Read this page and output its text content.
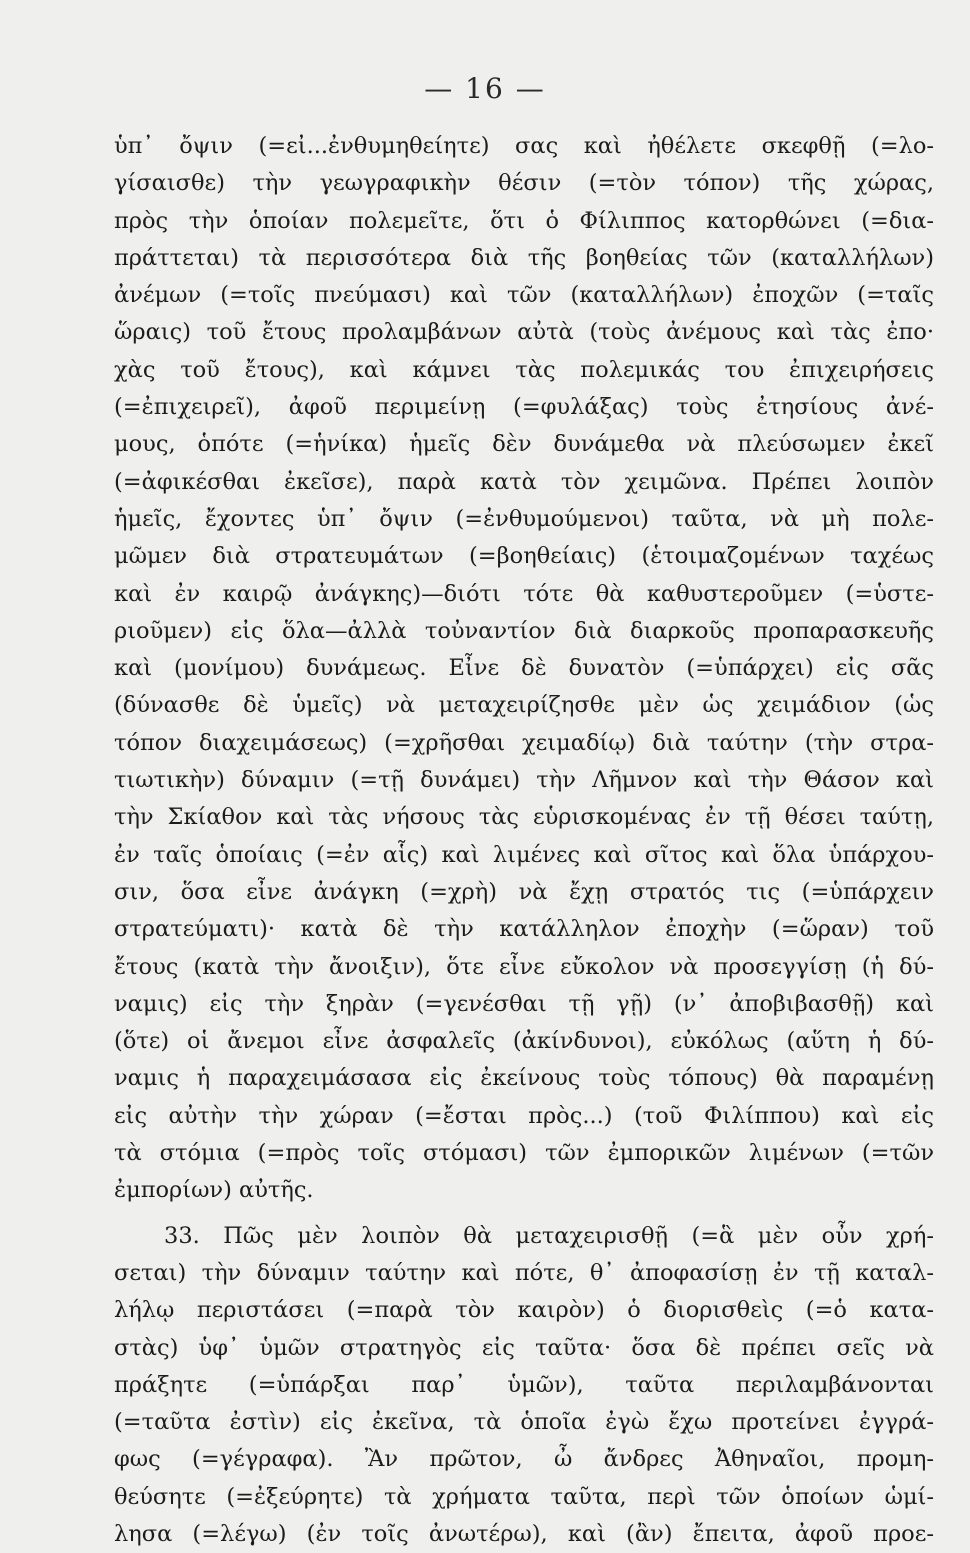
— 16 —
ὑπ᾽ ὄψιν (=εἰ...ἐνθυμηθείητε) σας καὶ ἠθέλετε σκεφθῇ (=λο-
γίσαισθε) τὴν γεωγραφικὴν θέσιν (=τὸν τόπον) τῆς χώρας,
πρὸς τὴν ὁποίαν πολεμεῖτε, ὅτι ὁ Φίλιππος κατορθώνει (=δια-
πράττεται) τὰ περισσότερα διὰ τῆς βοηθείας τῶν (καταλλήλων)
ἀνέμων (=τοῖς πνεύμασι) καὶ τῶν (καταλλήλων) ἐποχῶν (=ταῖς
ὥραις) τοῦ ἔτους προλαμβάνων αὐτὰ (τοὺς ἀνέμους καὶ τὰς ἐπο·
χὰς τοῦ ἔτους), καὶ κάμνει τὰς πολεμικάς του ἐπιχειρήσεις
(=ἐπιχειρεῖ), ἀφοῦ περιμείνῃ (=φυλάξας) τοὺς ἐτησίους ἀνέ-
μους, ὁπότε (=ἡνίκα) ἡμεῖς δὲν δυνάμεθα νὰ πλεύσωμεν ἐκεῖ
(=ἀφικέσθαι ἐκεῖσε), παρὰ κατὰ τὸν χειμῶνα. Πρέπει λοιπὸν
ἡμεῖς, ἔχοντες ὑπ᾽ ὄψιν (=ἐνθυμούμενοι) ταῦτα, νὰ μὴ πολε-
μῶμεν διὰ στρατευμάτων (=βοηθείαις) (ἑτοιμαζομένων ταχέως
καὶ ἐν καιρῷ ἀνάγκης)—διότι τότε θὰ καθυστεροῦμεν (=ὑστε-
ριοῦμεν) εἰς ὅλα—ἀλλὰ τοὐναντίον διὰ διαρκοῦς προπαρασκευῆς
καὶ (μονίμου) δυνάμεως. Εἶνε δὲ δυνατὸν (=ὑπάρχει) εἰς σᾶς
(δύνασθε δὲ ὑμεῖς) νὰ μεταχειρίζησθε μὲν ὡς χειμάδιον (ὡς
τόπον διαχειμάσεως) (=χρῆσθαι χειμαδίῳ) διὰ ταύτην (τὴν στρα-
τιωτικὴν) δύναμιν (=τῇ δυνάμει) τὴν Λῆμνον καὶ τὴν Θάσον καὶ
τὴν Σκίαθον καὶ τὰς νήσους τὰς εὑρισκομένας ἐν τῇ θέσει ταύτῃ,
ἐν ταῖς ὁποίαις (=ἐν αἷς) καὶ λιμένες καὶ σῖτος καὶ ὅλα ὑπάρχου-
σιν, ὅσα εἶνε ἀνάγκη (=χρὴ) νὰ ἔχῃ στρατός τις (=ὑπάρχειν
στρατεύματι)· κατὰ δὲ τὴν κατάλληλον ἐποχὴν (=ὥραν) τοῦ
ἔτους (κατὰ τὴν ἄνοιξιν), ὅτε εἶνε εὔκολον νὰ προσεγγίσῃ (ἡ δύ-
ναμις) εἰς τὴν ξηρὰν (=γενέσθαι τῇ γῇ) (ν᾽ ἀποβιβασθῇ) καὶ
(ὅτε) οἱ ἄνεμοι εἶνε ἀσφαλεῖς (ἀκίνδυνοι), εὐκόλως (αὕτη ἡ δύ-
ναμις ἡ παραχειμάσασα εἰς ἐκείνους τοὺς τόπους) θὰ παραμένῃ
εἰς αὐτὴν τὴν χώραν (=ἔσται πρὸς...) (τοῦ Φιλίππου) καὶ εἰς
τὰ στόμια (=πρὸς τοῖς στόμασι) τῶν ἐμπορικῶν λιμένων (=τῶν
ἐμπορίων) αὐτῆς.
33. Πῶς μὲν λοιπὸν θὰ μεταχειρισθῇ (=ἃ μὲν οὖν χρή-
σεται) τὴν δύναμιν ταύτην καὶ πότε, θ᾽ ἀποφασίσῃ ἐν τῇ καταλ-
λήλῳ περιστάσει (=παρὰ τὸν καιρὸν) ὁ διορισθεὶς (=ὁ κατα-
στὰς) ὑφ᾽ ὑμῶν στρατηγὸς εἰς ταῦτα· ὅσα δὲ πρέπει σεῖς νὰ
πράξητε (=ὑπάρξαι παρ᾽ ὑμῶν), ταῦτα περιλαμβάνονται
(=ταῦτα ἐστὶν) εἰς ἐκεῖνα, τὰ ὁποῖα ἐγὼ ἔχω προτείνει ἐγγρά-
φως (=γέγραφα). Ἂν πρῶτον, ὦ ἄνδρες Ἀθηναῖοι, προμη-
θεύσητε (=ἐξεύρητε) τὰ χρήματα ταῦτα, περὶ τῶν ὁποίων ὡμί-
λησα (=λέγω) (ἐν τοῖς ἀνωτέρω), καὶ (ἂν) ἔπειτα, ἀφοῦ προε-
